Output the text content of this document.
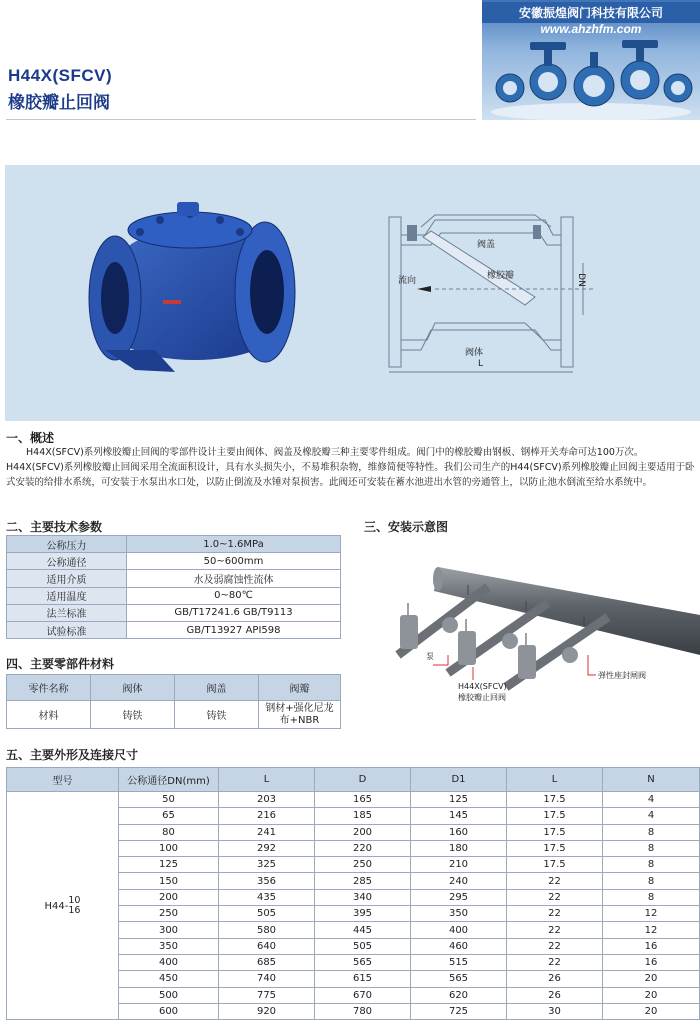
H44X(SFCV)
橡胶瓣止回阀
安徽振煌阀门科技有限公司
www.ahzhfm.com
阀盖
橡胶瓣
流向
阀体
L
DN
一、概述
H44X(SFCV)系列橡胶瓣止回阀的零部件设计主要由阀体、阀盖及橡胶瓣三种主要零件组成。阀门中的橡胶瓣由钢板、钢棒开关寿命可达100万次。H44X(SFCV)系列橡胶瓣止回阀采用全流面积设计，具有水头损失小，不易堆积杂物，维修简便等特性。我们公司生产的H44(SFCV)系列橡胶瓣止回阀主要适用于卧式安装的给排水系统，可安装于水泵出水口处，以防止倒流及水锤对泵损害。此阀还可安装在蓄水池进出水管的旁通管上，以防止池水倒流至给水系统中。
二、主要技术参数
公称压力	1.0~1.6MPa
公称通径	50~600mm
适用介质	水及弱腐蚀性流体
适用温度	0~80℃
法兰标准	GB/T17241.6 GB/T9113
试验标准	GB/T13927 API598
三、安装示意图
泵
H44X(SFCV)
橡胶瓣止回阀
弹性座封闸阀
四、主要零部件材料
零件名称	阀体	阀盖	阀瓣
材料	铸铁	铸铁	钢材+强化尼龙布+NBR
五、主要外形及连接尺寸
型号	公称通径DN(mm)	L	D	D1	L	N
H44-
10
16	50	203	165	125	17.5	4
	65	216	185	145	17.5	4
	80	241	200	160	17.5	8
	100	292	220	180	17.5	8
	125	325	250	210	17.5	8
	150	356	285	240	22	8
	200	435	340	295	22	8
	250	505	395	350	22	12
	300	580	445	400	22	12
	350	640	505	460	22	16
	400	685	565	515	22	16
	450	740	615	565	26	20
	500	775	670	620	26	20
	600	920	780	725	30	20
